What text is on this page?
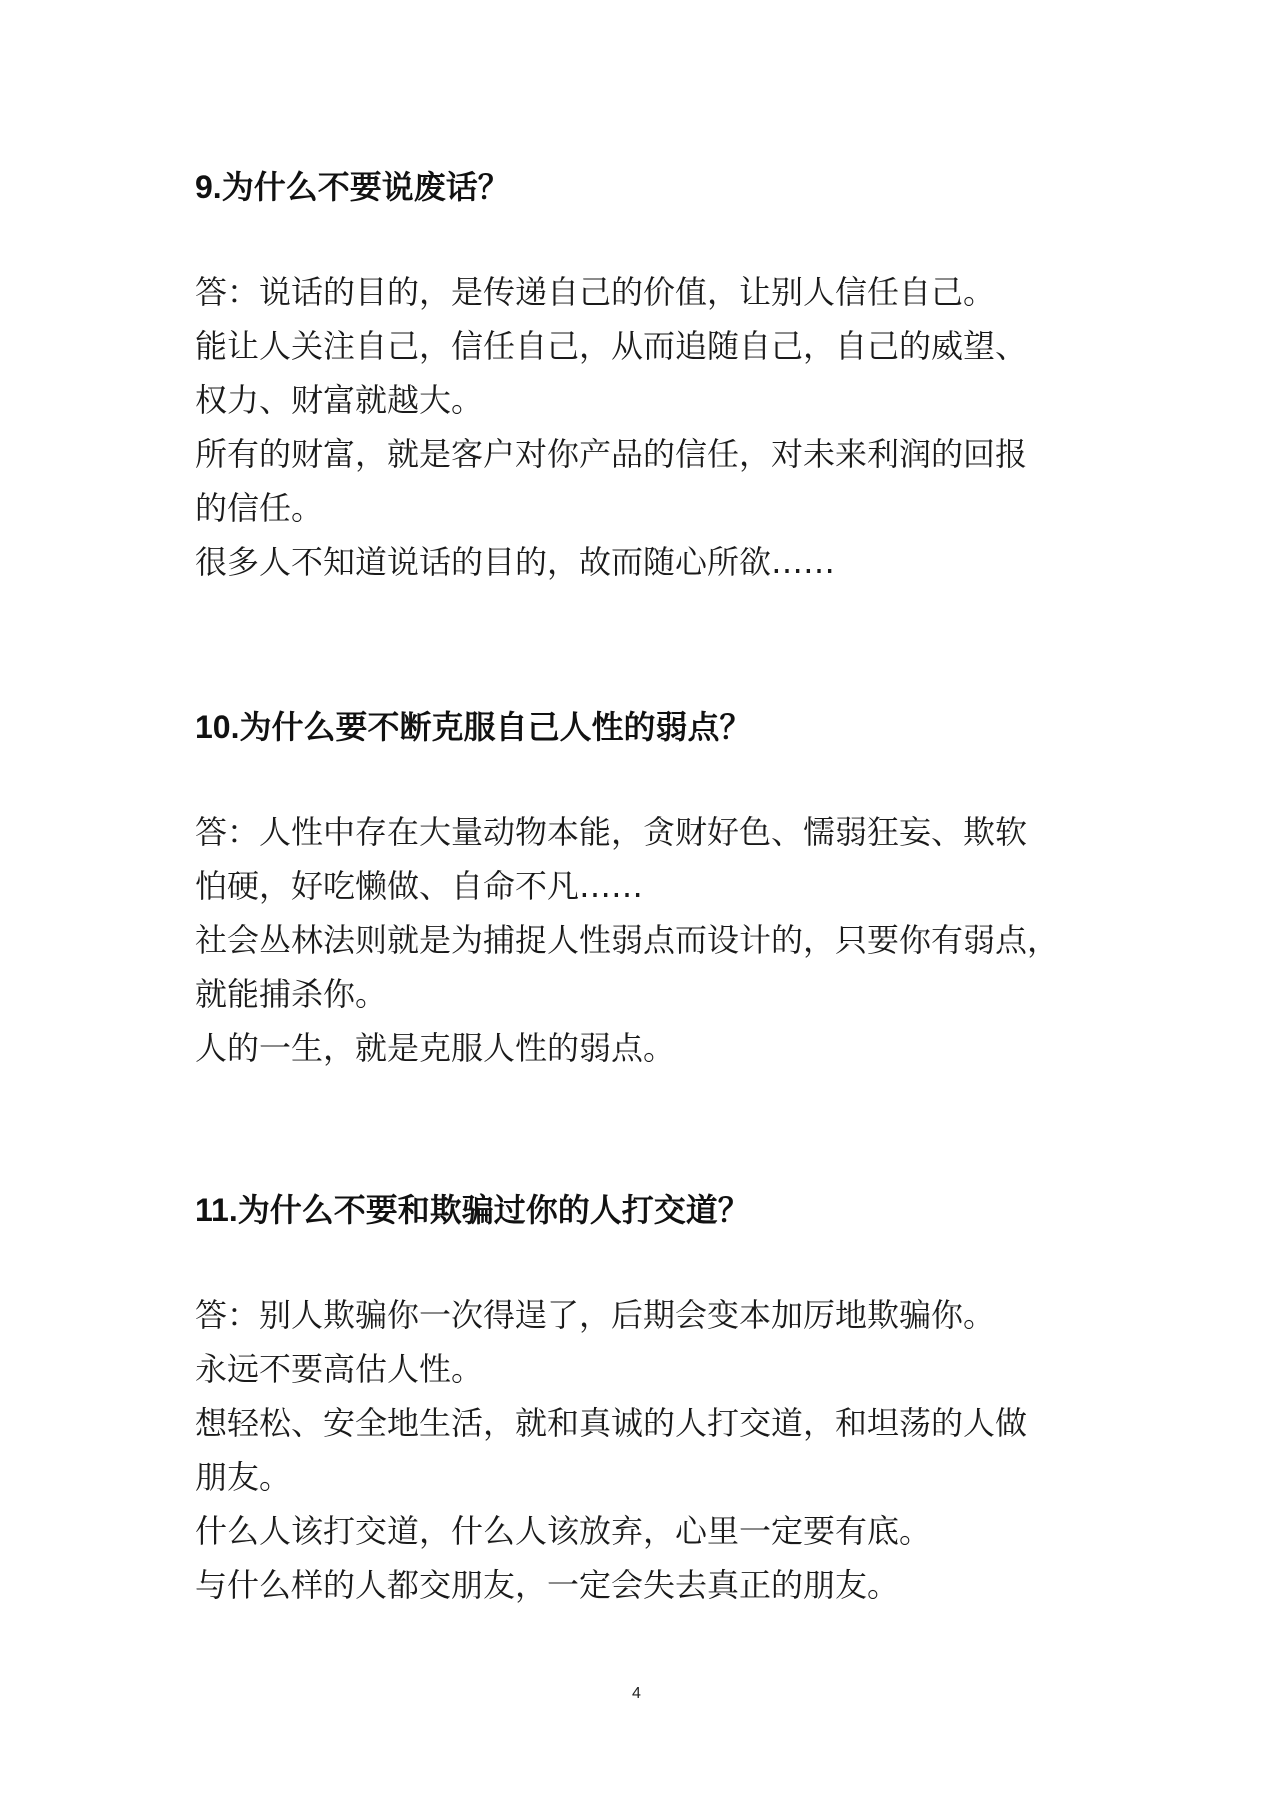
9.为什么不要说废话？
答：说话的目的，是传递自己的价值，让别人信任自己。
能让人关注自己，信任自己，从而追随自己，自己的威望、
权力、财富就越大。
所有的财富，就是客户对你产品的信任，对未来利润的回报
的信任。
很多人不知道说话的目的，故而随心所欲……
10.为什么要不断克服自己人性的弱点？
答：人性中存在大量动物本能，贪财好色、懦弱狂妄、欺软
怕硬，好吃懒做、自命不凡……
社会丛林法则就是为捕捉人性弱点而设计的，只要你有弱点，
就能捕杀你。
人的一生，就是克服人性的弱点。
11.为什么不要和欺骗过你的人打交道？
答：别人欺骗你一次得逞了，后期会变本加厉地欺骗你。
永远不要高估人性。
想轻松、安全地生活，就和真诚的人打交道，和坦荡的人做
朋友。
什么人该打交道，什么人该放弃，心里一定要有底。
与什么样的人都交朋友，一定会失去真正的朋友。
4
